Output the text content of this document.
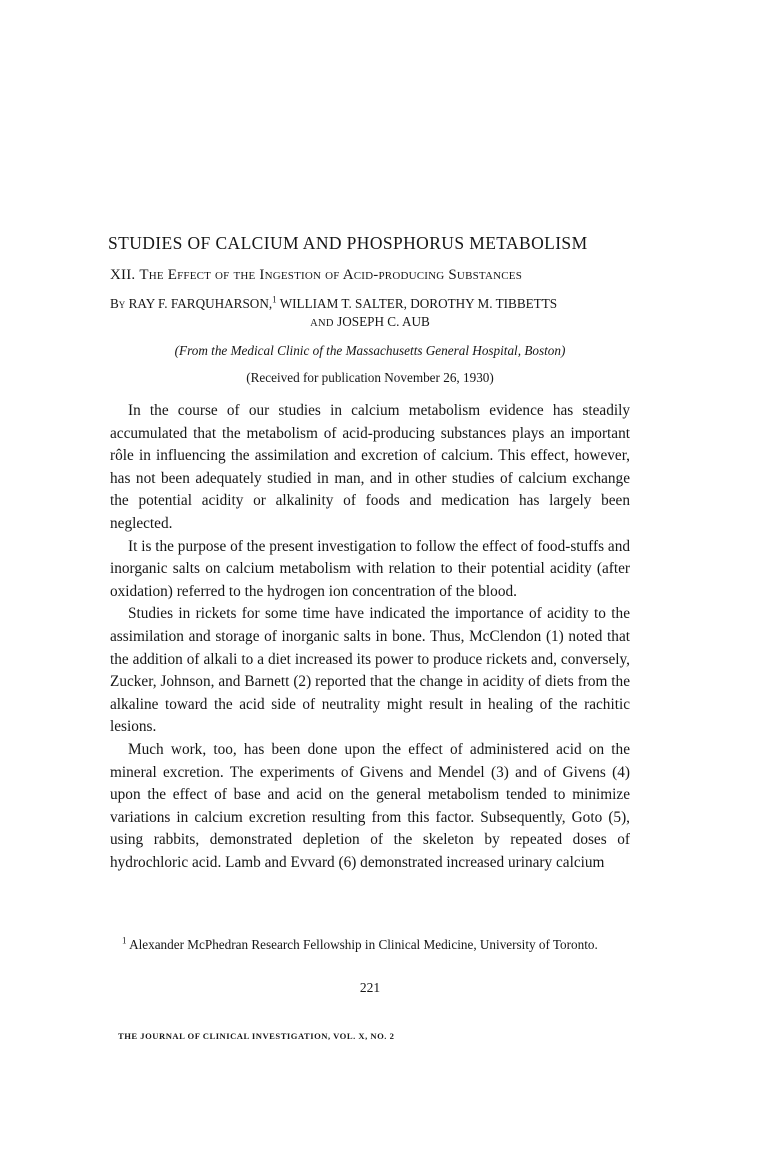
STUDIES OF CALCIUM AND PHOSPHORUS METABOLISM
XII. The Effect of the Ingestion of Acid-producing Substances
By RAY F. FARQUHARSON,$^1$ WILLIAM T. SALTER, DOROTHY M. TIBBETTS
AND JOSEPH C. AUB
(From the Medical Clinic of the Massachusetts General Hospital, Boston)
(Received for publication November 26, 1930)

In the course of our studies in calcium metabolism evidence has steadily accumulated that the metabolism of acid-producing substances plays an important rôle in influencing the assimilation and excretion of calcium. This effect, however, has not been adequately studied in man, and in other studies of calcium exchange the potential acidity or alkalinity of foods and medication has largely been neglected.

It is the purpose of the present investigation to follow the effect of food-stuffs and inorganic salts on calcium metabolism with relation to their potential acidity (after oxidation) referred to the hydrogen ion concentration of the blood.

Studies in rickets for some time have indicated the importance of acidity to the assimilation and storage of inorganic salts in bone. Thus, McClendon (1) noted that the addition of alkali to a diet increased its power to produce rickets and, conversely, Zucker, Johnson, and Barnett (2) reported that the change in acidity of diets from the alkaline toward the acid side of neutrality might result in healing of the rachitic lesions.

Much work, too, has been done upon the effect of administered acid on the mineral excretion. The experiments of Givens and Mendel (3) and of Givens (4) upon the effect of base and acid on the general metabolism tended to minimize variations in calcium excretion resulting from this factor. Subsequently, Goto (5), using rabbits, demonstrated depletion of the skeleton by repeated doses of hydrochloric acid. Lamb and Evvard (6) demonstrated increased urinary calcium

$^1$ Alexander McPhedran Research Fellowship in Clinical Medicine, University of Toronto.

221
THE JOURNAL OF CLINICAL INVESTIGATION, VOL. X, NO. 2
